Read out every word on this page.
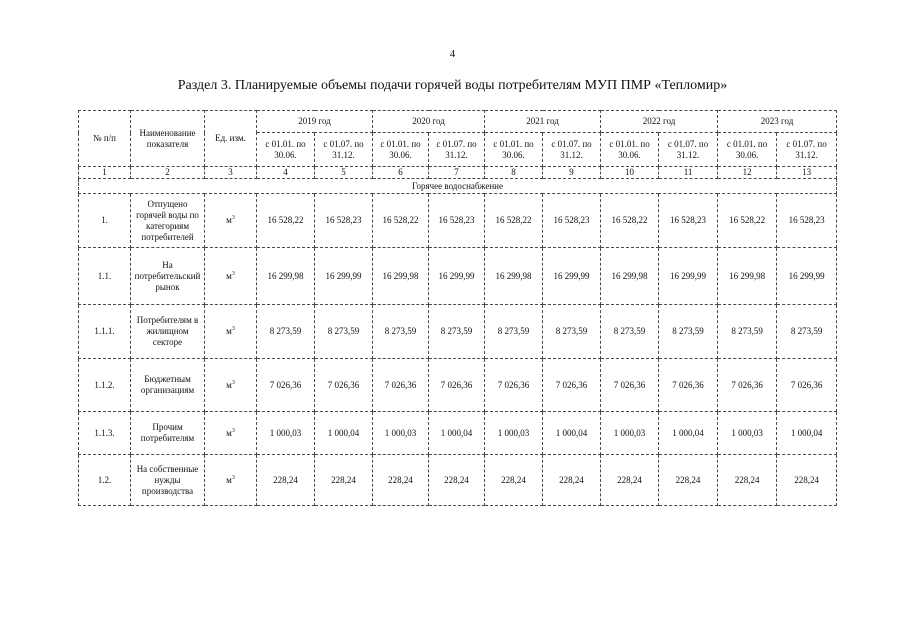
4
Раздел 3. Планируемые объемы подачи горячей воды потребителям МУП ПМР «Тепломир»
№ п/п	Наименование показателя	Ед. изм.	2019 год		2020 год		2021 год		2022 год		2023 год	
			с 01.01. по 30.06.	с 01.07. по 31.12.	с 01.01. по 30.06.	с 01.07. по 31.12.	с 01.01. по 30.06.	с 01.07. по 31.12.	с 01.01. по 30.06.	с 01.07. по 31.12.	с 01.01. по 30.06.	с 01.07. по 31.12.
1	2	3	4	5	6	7	8	9	10	11	12	13
Горячее водоснабжение												
1.	Отпущено горячей воды по категориям потребителей	$м^3$	16 528,22	16 528,23	16 528,22	16 528,23	16 528,22	16 528,23	16 528,22	16 528,23	16 528,22	16 528,23
1.1.	На потребительский рынок	$м^3$	16 299,98	16 299,99	16 299,98	16 299,99	16 299,98	16 299,99	16 299,98	16 299,99	16 299,98	16 299,99
1.1.1.	Потребителям в жилищном секторе	$м^3$	8 273,59	8 273,59	8 273,59	8 273,59	8 273,59	8 273,59	8 273,59	8 273,59	8 273,59	8 273,59
1.1.2.	Бюджетным организациям	$м^3$	7 026,36	7 026,36	7 026,36	7 026,36	7 026,36	7 026,36	7 026,36	7 026,36	7 026,36	7 026,36
1.1.3.	Прочим потребителям	$м^3$	1 000,03	1 000,04	1 000,03	1 000,04	1 000,03	1 000,04	1 000,03	1 000,04	1 000,03	1 000,04
1.2.	На собственные нужды производства	$м^3$	228,24	228,24	228,24	228,24	228,24	228,24	228,24	228,24	228,24	228,24
